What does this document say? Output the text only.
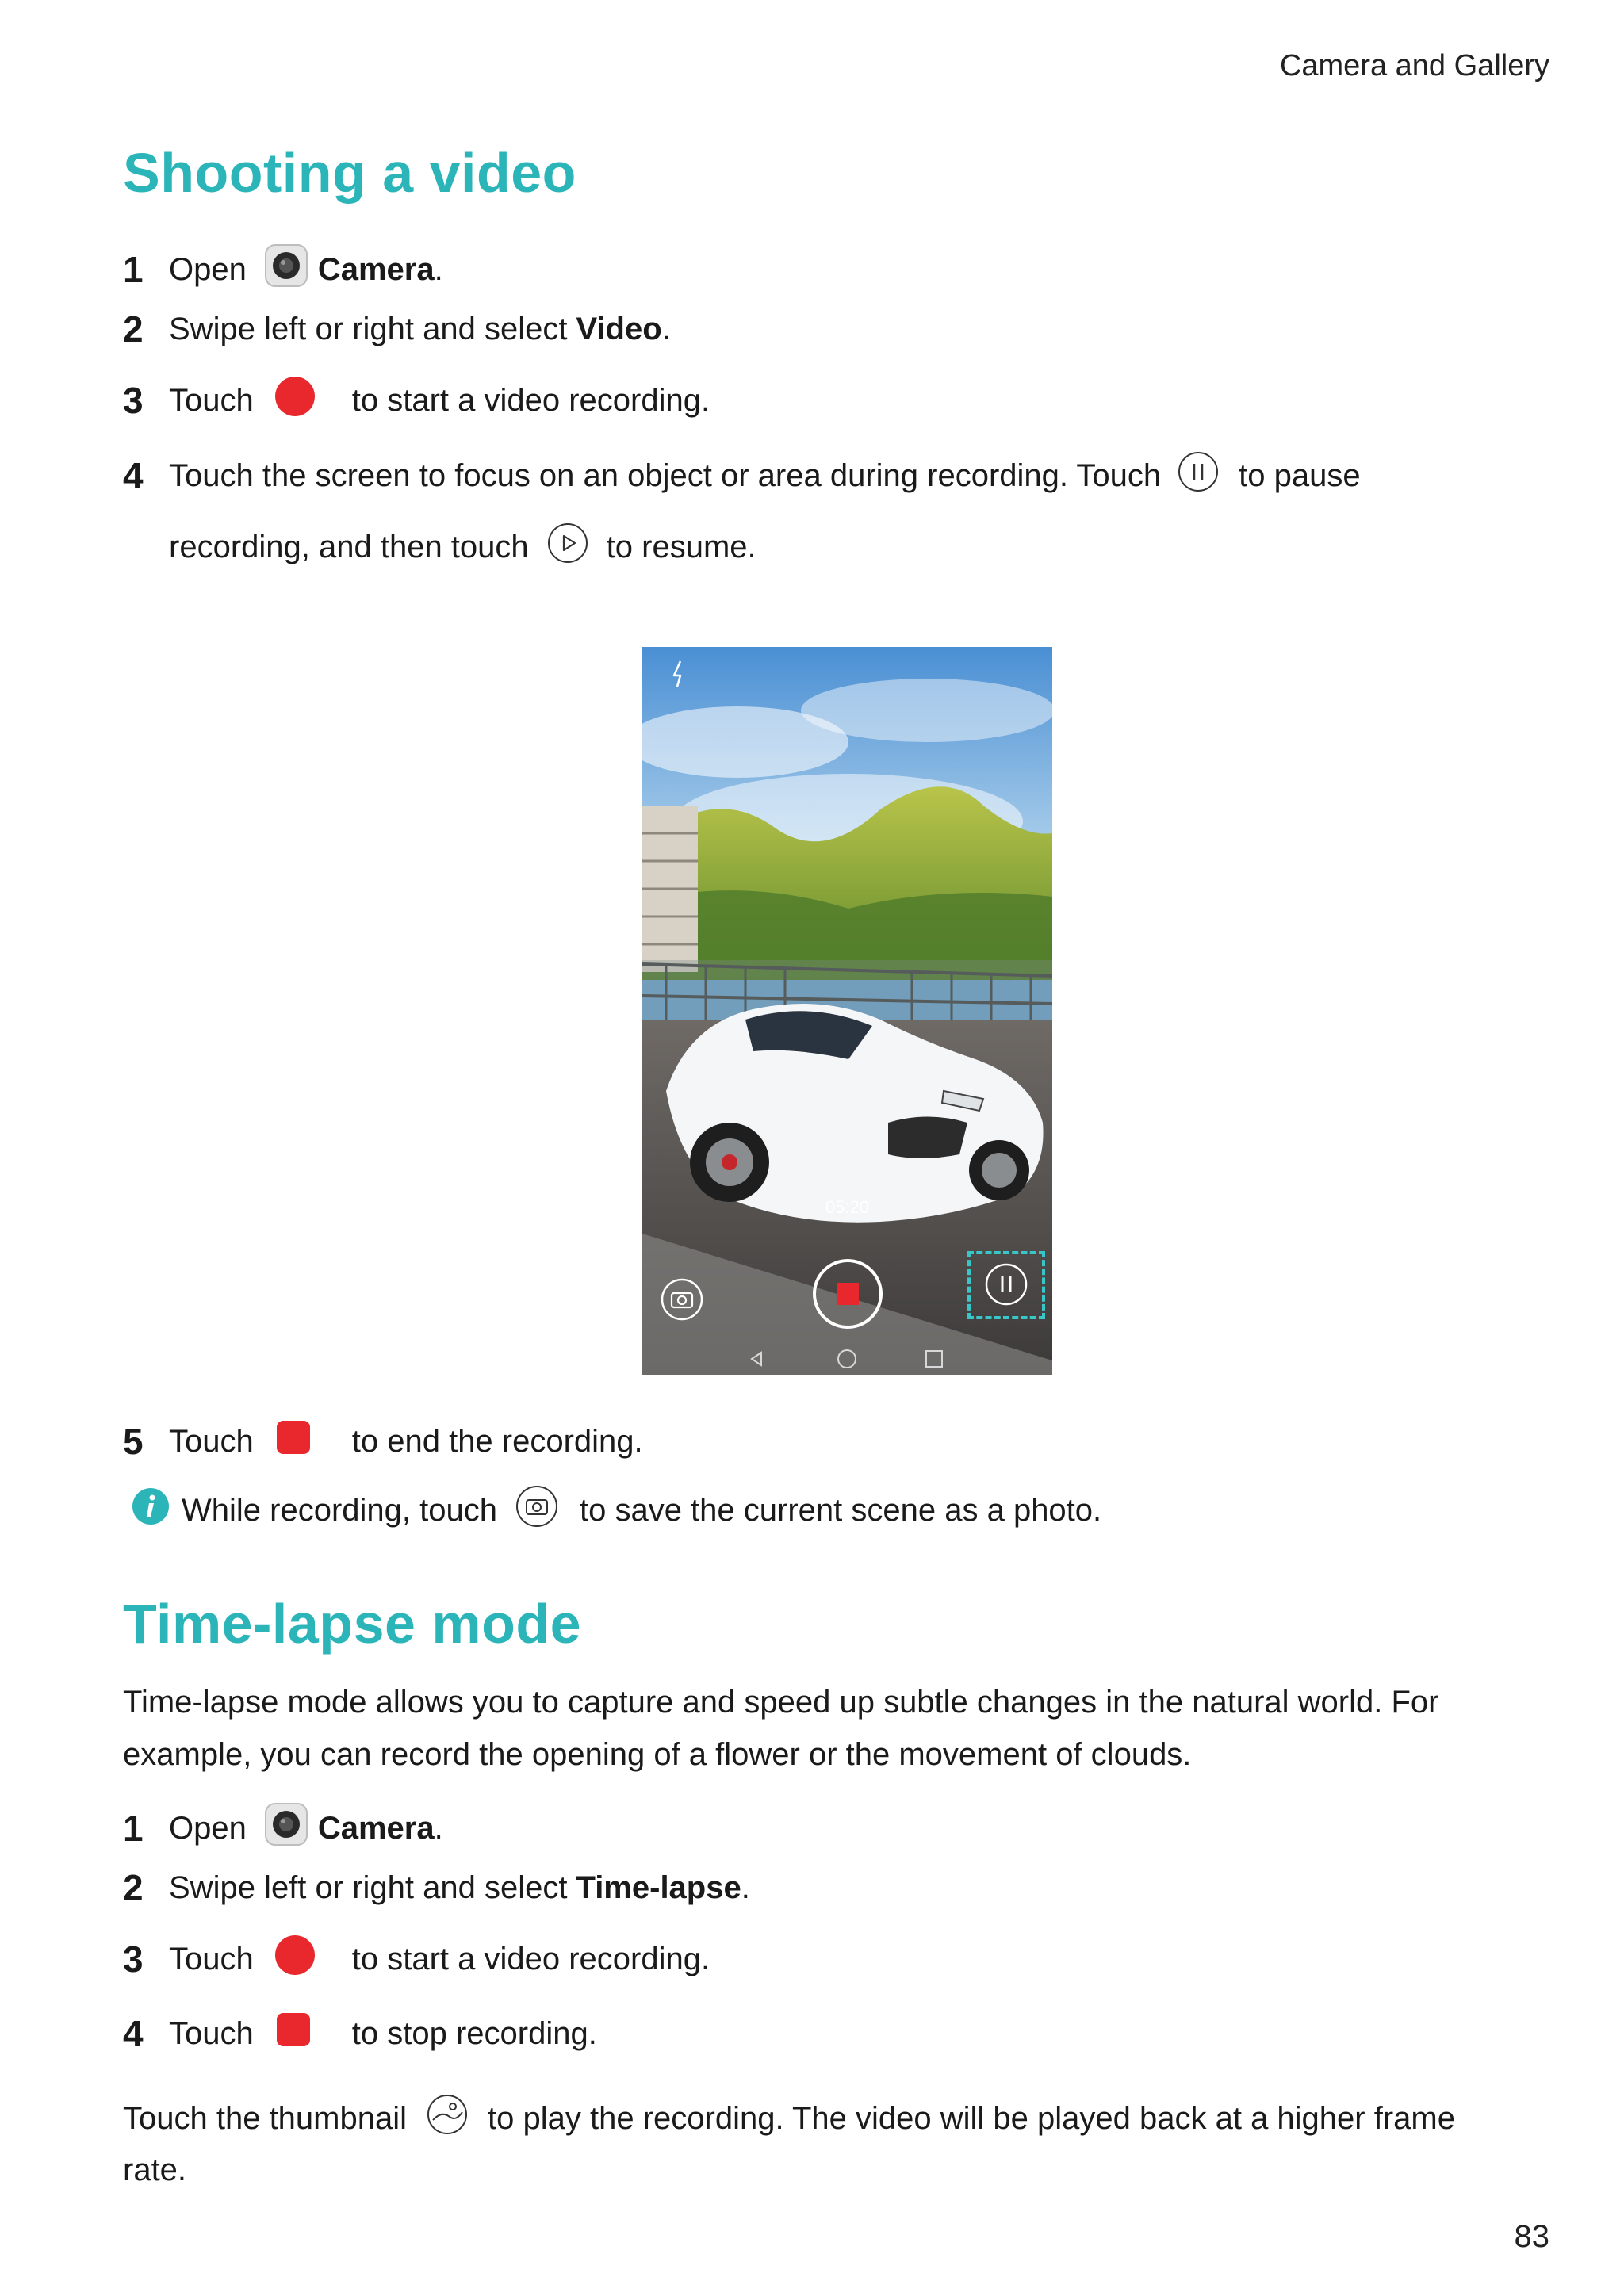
Camera and Gallery
Shooting a video
1 Open Camera .
2 Swipe left or right and select Video .
3 Touch	to start a video recording.
4 Touch the screen to focus on an object or area during recording. Touch to pause
recording, and then touch to resume.
05:20
5 Touch	to end the recording.
While recording, touch	to save the current scene as a photo.
Time-lapse mode
Time-lapse mode allows you to capture and speed up subtle changes in the natural world. For
example, you can record the opening of a flower or the movement of clouds.
1 Open Camera .
2 Swipe left or right and select Time-lapse .
3 Touch	to start a video recording.
4 Touch	to stop recording.
Touch the thumbnail	to play the recording. The video will be played back at a higher frame
rate.
83
